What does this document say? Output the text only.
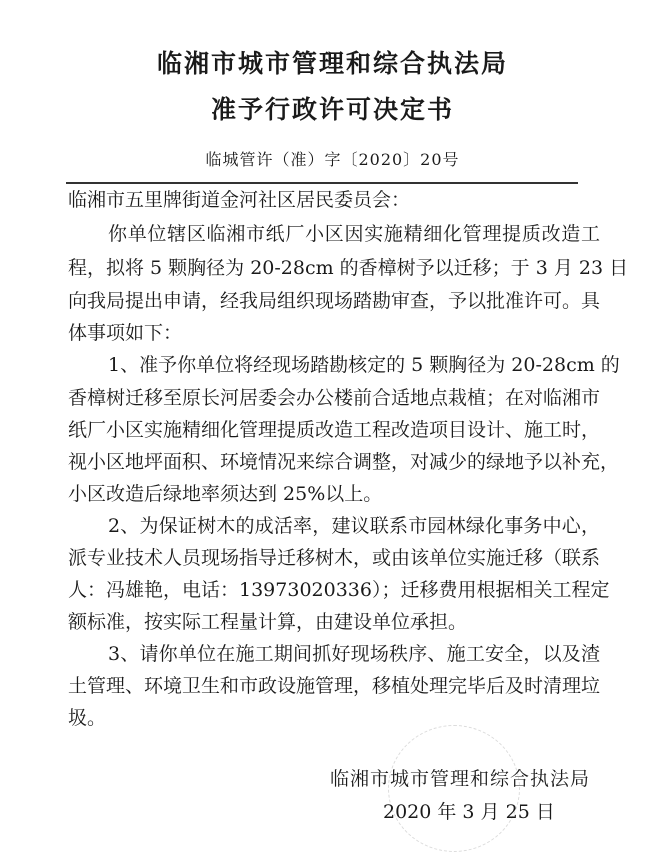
临湘市城市管理和综合执法局
准予行政许可决定书
临城管许（准）字〔2020〕20号
临湘市五里牌街道金河社区居民委员会：
你单位辖区临湘市纸厂小区因实施精细化管理提质改造工
程，拟将 5 颗胸径为 20-28cm 的香樟树予以迁移；于 3 月 23 日
向我局提出申请，经我局组织现场踏勘审查，予以批准许可。具
体事项如下：
1、准予你单位将经现场踏勘核定的 5 颗胸径为 20-28cm 的
香樟树迁移至原长河居委会办公楼前合适地点栽植；在对临湘市
纸厂小区实施精细化管理提质改造工程改造项目设计、施工时，
视小区地坪面积、环境情况来综合调整，对减少的绿地予以补充，
小区改造后绿地率须达到 25%以上。
2、为保证树木的成活率，建议联系市园林绿化事务中心，
派专业技术人员现场指导迁移树木，或由该单位实施迁移（联系
人：冯雄艳，电话：13973020336）；迁移费用根据相关工程定
额标准，按实际工程量计算，由建设单位承担。
3、请你单位在施工期间抓好现场秩序、施工安全，以及渣
土管理、环境卫生和市政设施管理，移植处理完毕后及时清理垃
圾。
临湘市城市管理和综合执法局
2020 年 3 月 25 日
